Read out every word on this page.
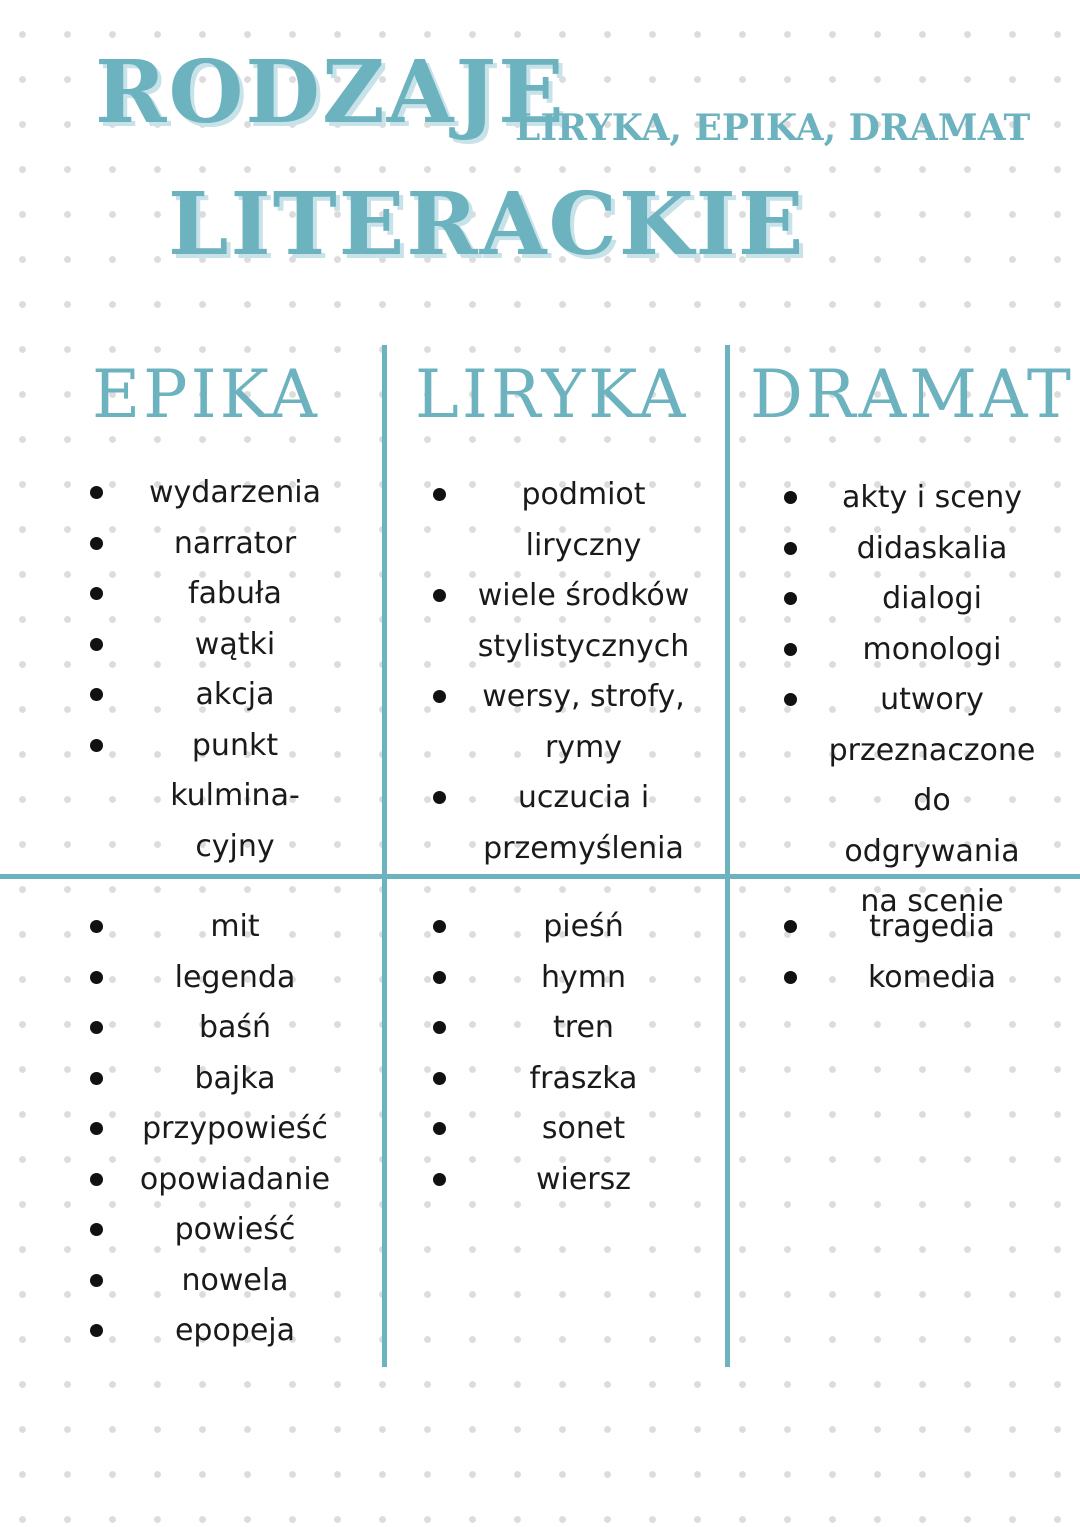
RODZAJE
LIRYKA, EPIKA, DRAMAT
LITERACKIE
EPIKA LIRYKA DRAMAT
wydarzenia
narrator
fabuła
wątki
akcja
punkt kulmina-
cyjny
podmiot
liryczny
wiele środków
stylistycznych
wersy, strofy,
rymy
uczucia i
przemyślenia
akty i sceny
didaskalia
dialogi
monologi
utwory
przeznaczone
do odgrywania
na scenie
mit
legenda
baśń
bajka
przypowieść
opowiadanie
powieść
nowela
epopeja
pieśń
hymn
tren
fraszka
sonet
wiersz
tragedia
komedia
